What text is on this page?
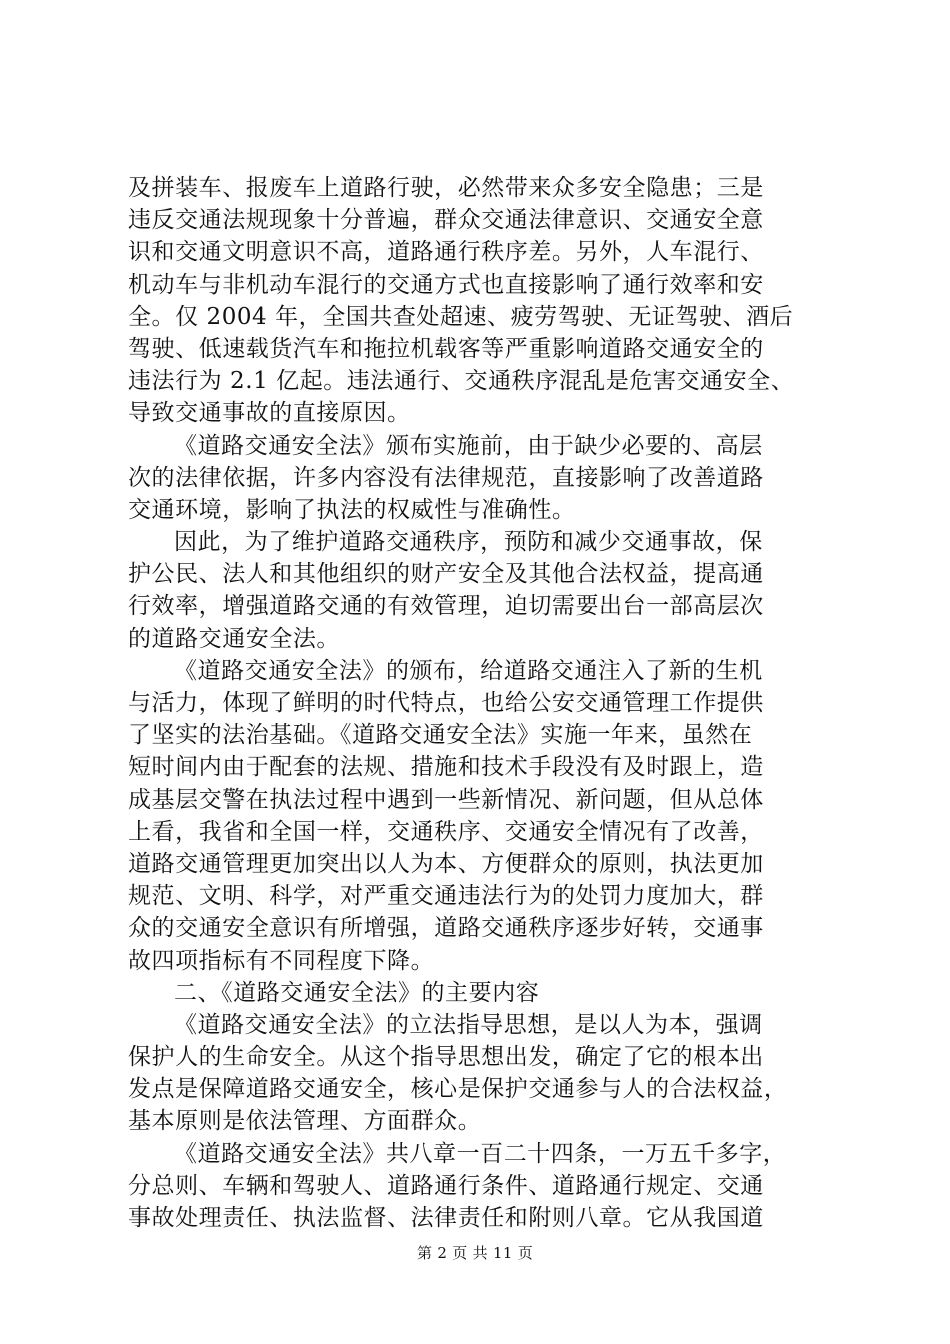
及拼装车、报废车上道路行驶，必然带来众多安全隐患；三是
违反交通法规现象十分普遍，群众交通法律意识、交通安全意
识和交通文明意识不高，道路通行秩序差。另外，人车混行、
机动车与非机动车混行的交通方式也直接影响了通行效率和安
全。仅 2004 年，全国共查处超速、疲劳驾驶、无证驾驶、酒后
驾驶、低速载货汽车和拖拉机载客等严重影响道路交通安全的
违法行为 2.1 亿起。违法通行、交通秩序混乱是危害交通安全、
导致交通事故的直接原因。
《道路交通安全法》颁布实施前，由于缺少必要的、高层
次的法律依据，许多内容没有法律规范，直接影响了改善道路
交通环境，影响了执法的权威性与准确性。
因此，为了维护道路交通秩序，预防和减少交通事故，保
护公民、法人和其他组织的财产安全及其他合法权益，提高通
行效率，增强道路交通的有效管理，迫切需要出台一部高层次
的道路交通安全法。
《道路交通安全法》的颁布，给道路交通注入了新的生机
与活力，体现了鲜明的时代特点，也给公安交通管理工作提供
了坚实的法治基础。《道路交通安全法》实施一年来，虽然在
短时间内由于配套的法规、措施和技术手段没有及时跟上，造
成基层交警在执法过程中遇到一些新情况、新问题，但从总体
上看，我省和全国一样，交通秩序、交通安全情况有了改善，
道路交通管理更加突出以人为本、方便群众的原则，执法更加
规范、文明、科学，对严重交通违法行为的处罚力度加大，群
众的交通安全意识有所增强，道路交通秩序逐步好转，交通事
故四项指标有不同程度下降。
二、《道路交通安全法》的主要内容
《道路交通安全法》的立法指导思想，是以人为本，强调
保护人的生命安全。从这个指导思想出发，确定了它的根本出
发点是保障道路交通安全，核心是保护交通参与人的合法权益，
基本原则是依法管理、方面群众。
《道路交通安全法》共八章一百二十四条，一万五千多字，
分总则、车辆和驾驶人、道路通行条件、道路通行规定、交通
事故处理责任、执法监督、法律责任和附则八章。它从我国道
第 2 页 共 11 页
